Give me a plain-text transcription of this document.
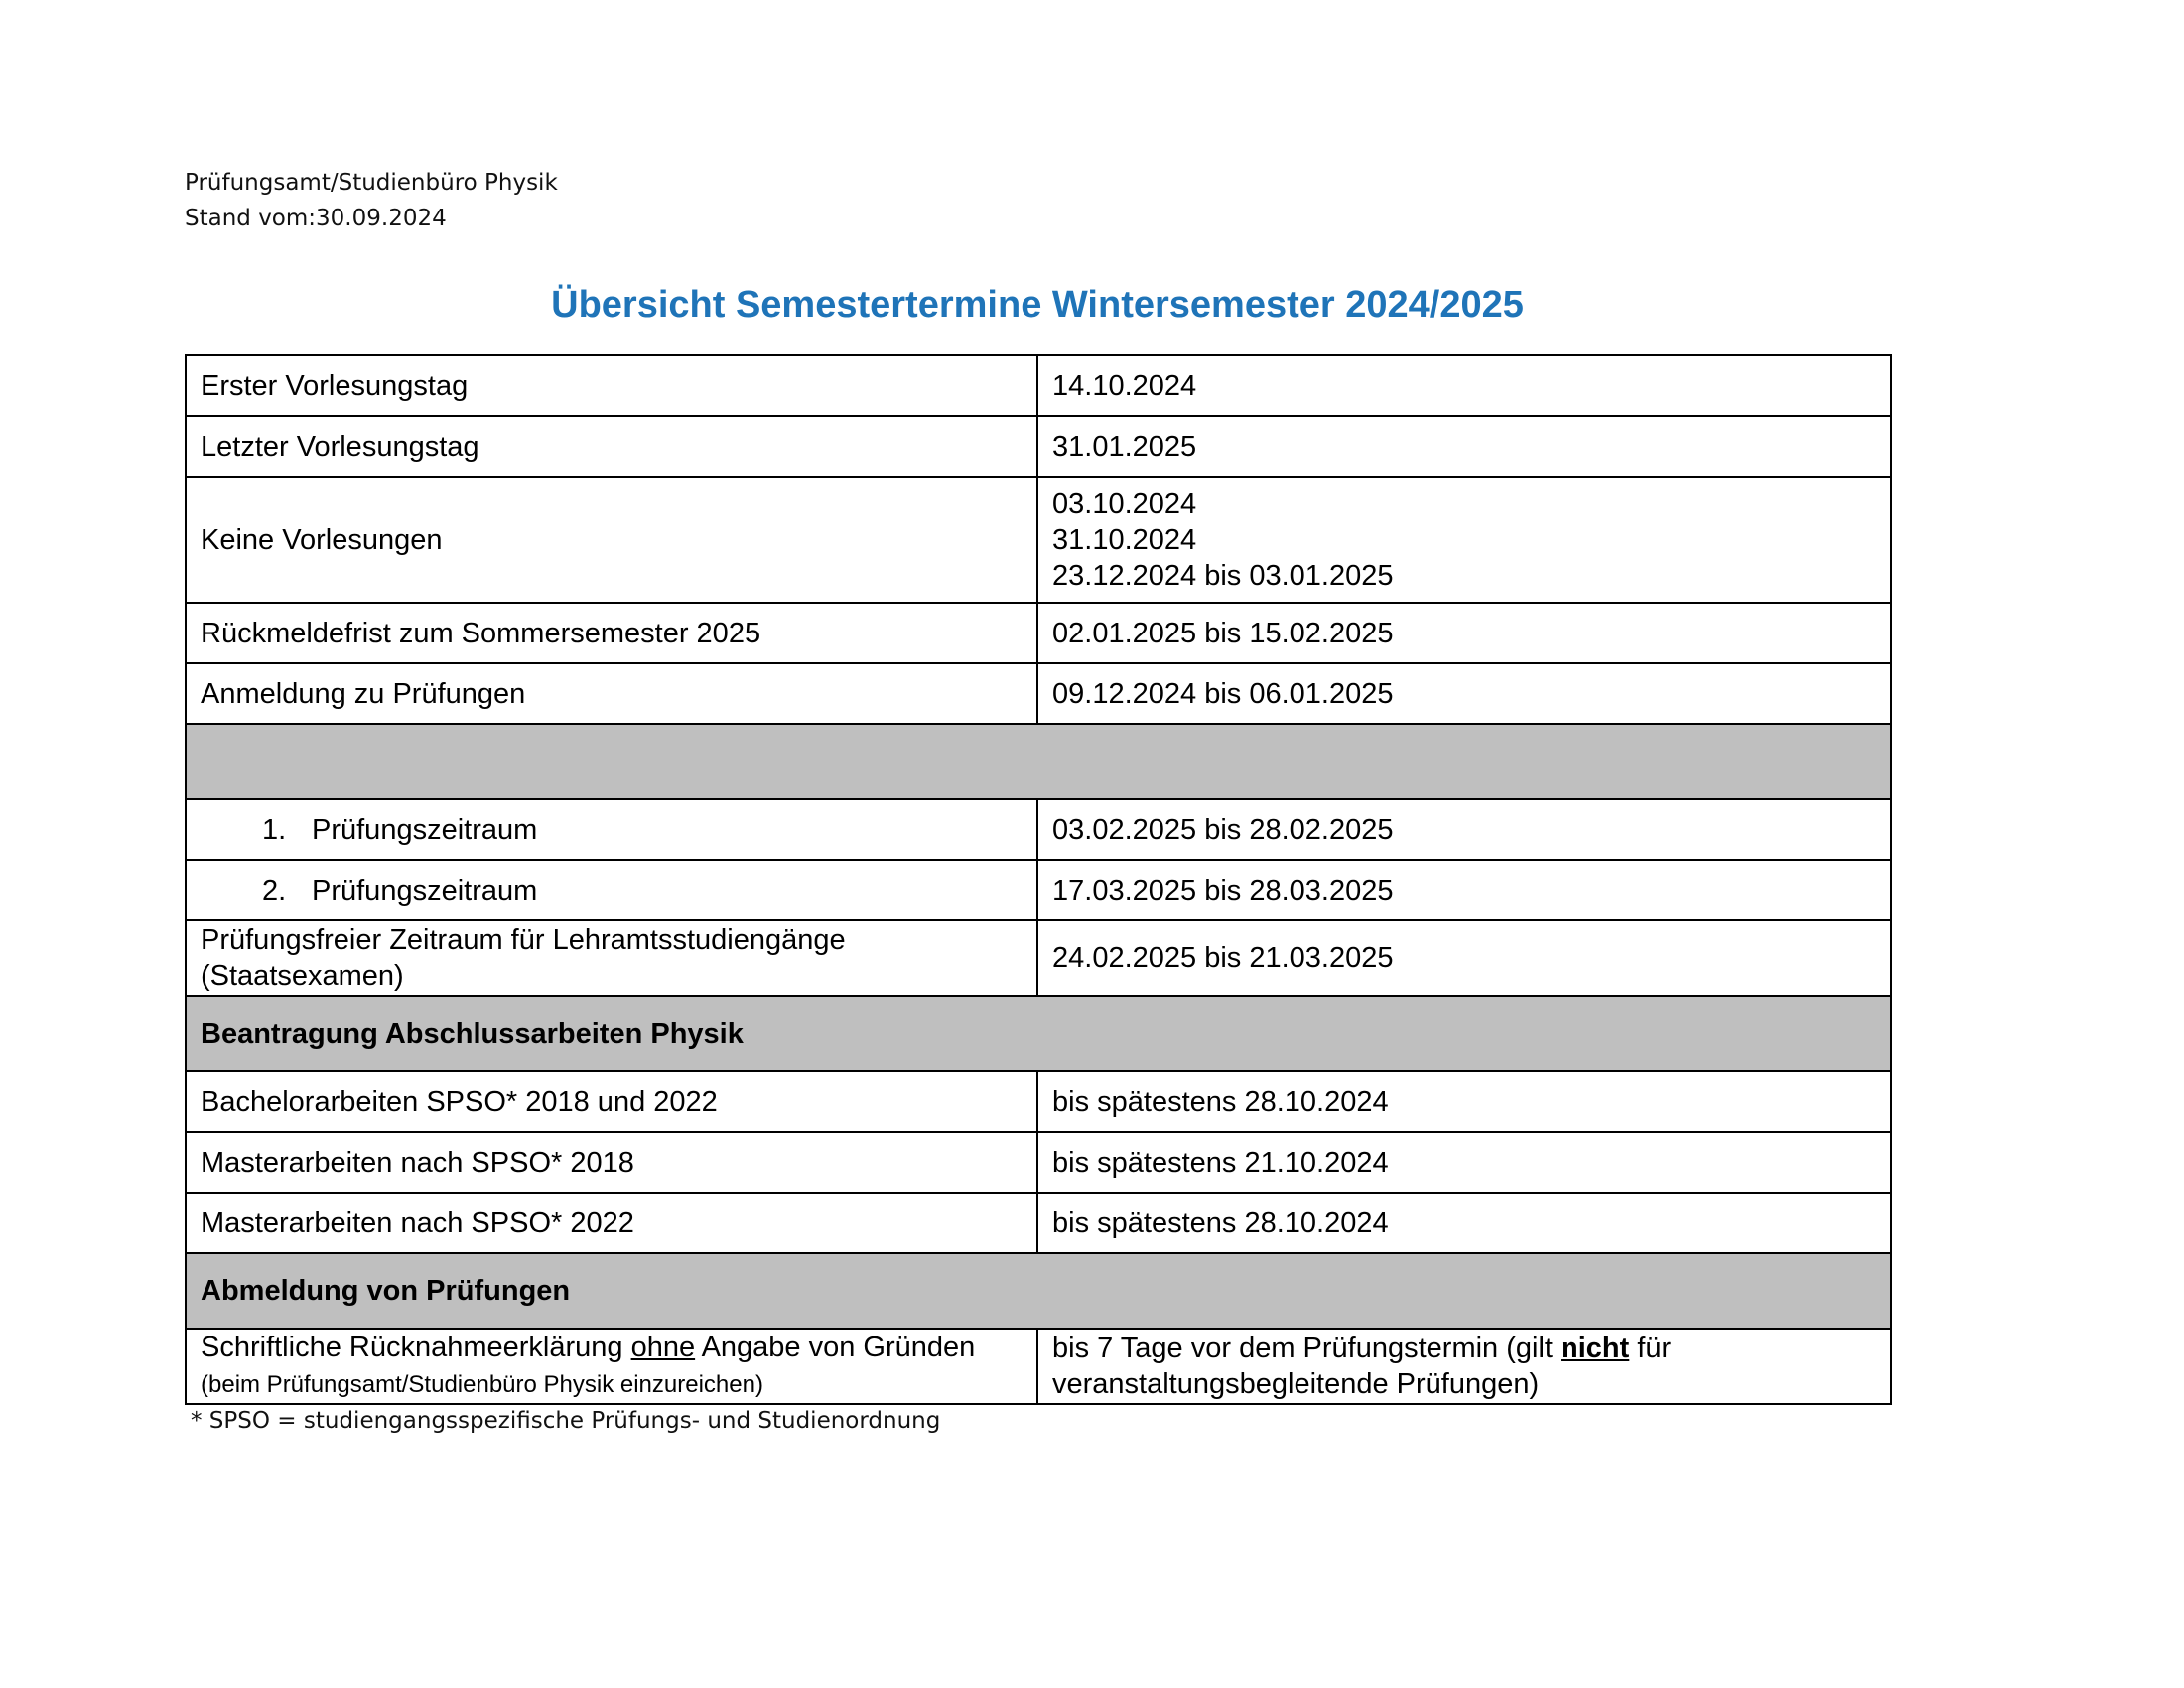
Prüfungsamt/Studienbüro Physik
Stand vom:30.09.2024
Übersicht Semestertermine Wintersemester 2024/2025
Erster Vorlesungstag	14.10.2024
Letzter Vorlesungstag	31.01.2025
Keine Vorlesungen	03.10.2024
31.10.2024
23.12.2024 bis 03.01.2025

Rückmeldefrist zum Sommersemester 2025	02.01.2025 bis 15.02.2025
Anmeldung zu Prüfungen	09.12.2024 bis 06.01.2025

1. Prüfungszeitraum	03.02.2025 bis 28.02.2025
2. Prüfungszeitraum	17.03.2025 bis 28.03.2025

Prüfungsfreier Zeitraum für Lehramtsstudiengänge
(Staatsexamen)	24.02.2025 bis 21.03.2025
Beantragung Abschlussarbeiten Physik	
Bachelorarbeiten SPSO* 2018 und 2022	bis spätestens 28.10.2024
Masterarbeiten nach SPSO* 2018	bis spätestens 21.10.2024
Masterarbeiten nach SPSO* 2022	bis spätestens 28.10.2024
Abmeldung von Prüfungen	
Schriftliche Rücknahmeerklärung ohne Angabe von Gründen (beim Prüfungsamt/Studienbüro Physik einzureichen)	bis 7 Tage vor dem Prüfungstermin (gilt nicht für veranstaltungsbegleitende Prüfungen)
* SPSO = studiengangsspezifische Prüfungs- und Studienordnung
